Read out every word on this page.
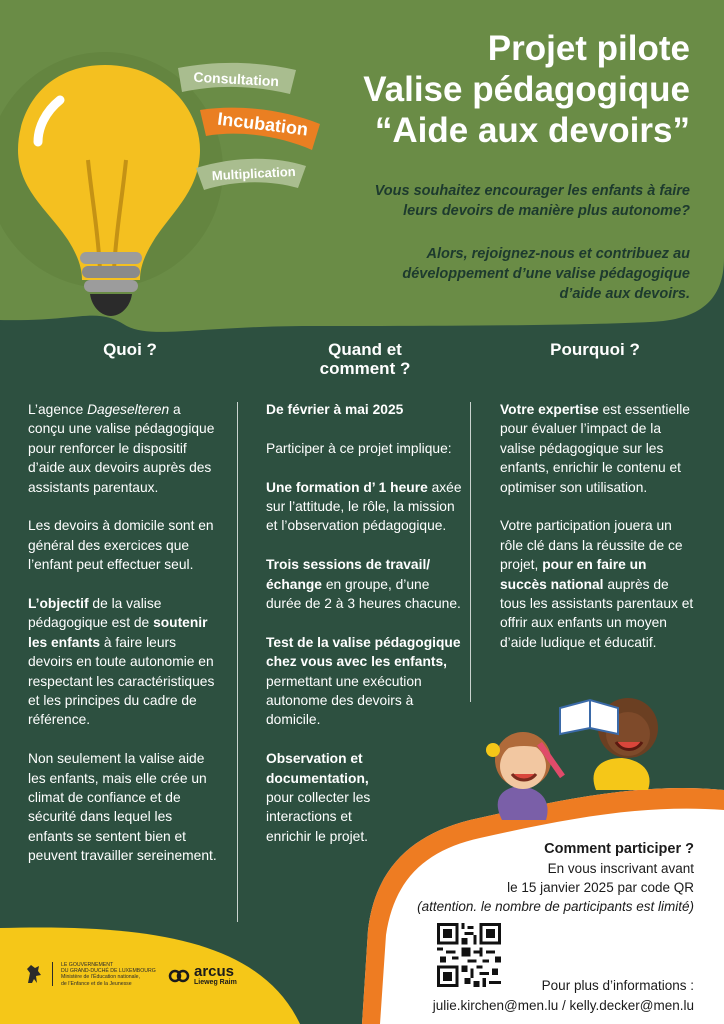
Consultation
Incubation
Multiplication
Projet pilote
Valise pédagogique
“Aide aux devoirs”
Vous souhaitez encourager les enfants à faire
leurs devoirs de manière plus autonome?
Alors, rejoignez-nous et contribuez au
développement d’une valise pédagogique
d’aide aux devoirs.
Quoi ?	Quand et
comment ?
Pourquoi ?

L’agence Dageselteren a conçu une valise pédagogique pour renforcer le dispositif d’aide aux devoirs auprès des assistants parentaux.

Les devoirs à domicile sont en général des exercices que l’enfant peut effectuer seul.

L’objectif de la valise pédagogique est de soutenir les enfants à faire leurs devoirs en toute autonomie en respectant les caractéristiques et les principes du cadre de référence.

Non seulement la valise aide les enfants, mais elle crée un climat de confiance et de sécurité dans lequel les enfants se sentent bien et peuvent travailler sereinement.

De février à mai 2025

Participer à ce projet implique:

Une formation d’ 1 heure axée sur l’attitude, le rôle, la mission et l’observation pédagogique.

Trois sessions de travail/échange en groupe, d’une durée de 2 à 3 heures chacune.

Test de la valise pédagogique chez vous avec les enfants, permettant une exécution autonome des devoirs à domicile.

Observation et documentation, pour collecter les interactions et enrichir le projet.

Votre expertise est essentielle pour évaluer l’impact de la valise pédagogique sur les enfants, enrichir le contenu et optimiser son utilisation.

Votre participation jouera un rôle clé dans la réussite de ce projet, pour en faire un succès national auprès de tous les assistants parentaux et offrir aux enfants un moyen d’aide ludique et éducatif.

Comment participer ?
En vous inscrivant avant
le 15 janvier 2025 par code QR
(attention. le nombre de participants est limité)
Pour plus d’informations :
julie.kirchen@men.lu / kelly.decker@men.lu
LE GOUVERNEMENT
DU GRAND-DUCHÉ DE LUXEMBOURG
Ministère de l’Éducation nationale,
de l’Enfance et de la Jeunesse
arcus
Lieweg Raim
